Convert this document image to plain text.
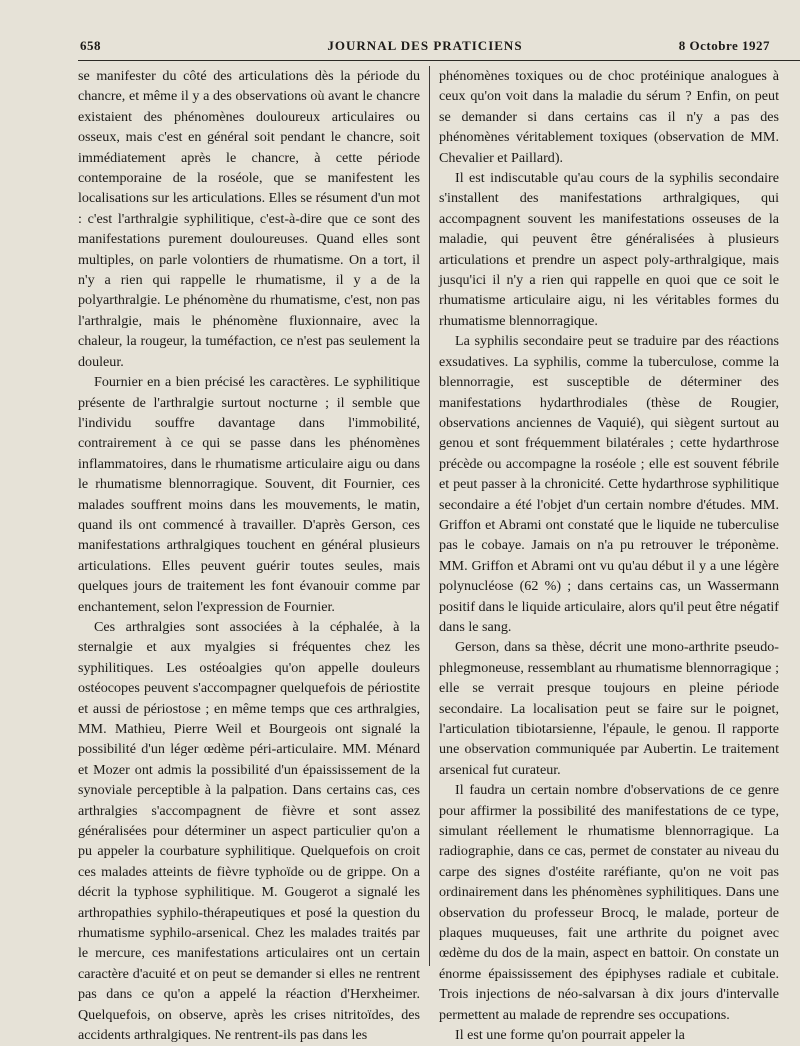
658	JOURNAL DES PRATICIENS	8 Octobre 1927

se manifester du côté des articulations dès la période du chancre, et même il y a des observations où avant le chancre existaient des phénomènes douloureux articulaires ou osseux, mais c'est en général soit pendant le chancre, soit immédiatement après le chancre, à cette période contemporaine de la roséole, que se manifestent les localisations sur les articulations. Elles se résument d'un mot : c'est l'arthralgie syphilitique, c'est-à-dire que ce sont des manifestations purement douloureuses. Quand elles sont multiples, on parle volontiers de rhumatisme. On a tort, il n'y a rien qui rappelle le rhumatisme, il y a de la polyarthralgie. Le phénomène du rhumatisme, c'est, non pas l'arthralgie, mais le phénomène fluxionnaire, avec la chaleur, la rougeur, la tuméfaction, ce n'est pas seulement la douleur.

Fournier en a bien précisé les caractères. Le syphilitique présente de l'arthralgie surtout nocturne ; il semble que l'individu souffre davantage dans l'immobilité, contrairement à ce qui se passe dans les phénomènes inflammatoires, dans le rhumatisme articulaire aigu ou dans le rhumatisme blennorragique. Souvent, dit Fournier, ces malades souffrent moins dans les mouvements, le matin, quand ils ont commencé à travailler. D'après Gerson, ces manifestations arthralgiques touchent en général plusieurs articulations. Elles peuvent guérir toutes seules, mais quelques jours de traitement les font évanouir comme par enchantement, selon l'expression de Fournier.

Ces arthralgies sont associées à la céphalée, à la sternalgie et aux myalgies si fréquentes chez les syphilitiques. Les ostéoalgies qu'on appelle douleurs ostéocopes peuvent s'accompagner quelquefois de périostite et aussi de périostose ; en même temps que ces arthralgies, MM. Mathieu, Pierre Weil et Bourgeois ont signalé la possibilité d'un léger œdème péri-articulaire. MM. Ménard et Mozer ont admis la possibilité d'un épaississement de la synoviale perceptible à la palpation. Dans certains cas, ces arthralgies s'accompagnent de fièvre et sont assez généralisées pour déterminer un aspect particulier qu'on a pu appeler la courbature syphilitique. Quelquefois on croit ces malades atteints de fièvre typhoïde ou de grippe. On a décrit la typhose syphilitique. M. Gougerot a signalé les arthropathies syphilo-thérapeutiques et posé la question du rhumatisme syphilo-arsenical. Chez les malades traités par le mercure, ces manifestations articulaires ont un certain caractère d'acuité et on peut se demander si elles ne rentrent pas dans ce qu'on a appelé la réaction d'Herxheimer. Quelquefois, on observe, après les crises nitritoïdes, des accidents arthralgiques. Ne rentrent-ils pas dans les

phénomènes toxiques ou de choc protéinique analogues à ceux qu'on voit dans la maladie du sérum ? Enfin, on peut se demander si dans certains cas il n'y a pas des phénomènes véritablement toxiques (observation de MM. Chevalier et Paillard).

Il est indiscutable qu'au cours de la syphilis secondaire s'installent des manifestations arthralgiques, qui accompagnent souvent les manifestations osseuses de la maladie, qui peuvent être généralisées à plusieurs articulations et prendre un aspect poly-arthralgique, mais jusqu'ici il n'y a rien qui rappelle en quoi que ce soit le rhumatisme articulaire aigu, ni les véritables formes du rhumatisme blennorragique.

La syphilis secondaire peut se traduire par des réactions exsudatives. La syphilis, comme la tuberculose, comme la blennorragie, est susceptible de déterminer des manifestations hydarthrodiales (thèse de Rougier, observations anciennes de Vaquié), qui siègent surtout au genou et sont fréquemment bilatérales ; cette hydarthrose précède ou accompagne la roséole ; elle est souvent fébrile et peut passer à la chronicité. Cette hydarthrose syphilitique secondaire a été l'objet d'un certain nombre d'études. MM. Griffon et Abrami ont constaté que le liquide ne tuberculise pas le cobaye. Jamais on n'a pu retrouver le tréponème. MM. Griffon et Abrami ont vu qu'au début il y a une légère polynucléose (62 %) ; dans certains cas, un Wassermann positif dans le liquide articulaire, alors qu'il peut être négatif dans le sang.

Gerson, dans sa thèse, décrit une mono-arthrite pseudo-phlegmoneuse, ressemblant au rhumatisme blennorragique ; elle se verrait presque toujours en pleine période secondaire. La localisation peut se faire sur le poignet, l'articulation tibiotarsienne, l'épaule, le genou. Il rapporte une observation communiquée par Aubertin. Le traitement arsenical fut curateur.

Il faudra un certain nombre d'observations de ce genre pour affirmer la possibilité des manifestations de ce type, simulant réellement le rhumatisme blennorragique. La radiographie, dans ce cas, permet de constater au niveau du carpe des signes d'ostéite raréfiante, qu'on ne voit pas ordinairement dans les phénomènes syphilitiques. Dans une observation du professeur Brocq, le malade, porteur de plaques muqueuses, fait une arthrite du poignet avec œdème du dos de la main, aspect en battoir. On constate un énorme épaississement des épiphyses radiale et cubitale. Trois injections de néo-salvarsan à dix jours d'intervalle permettent au malade de reprendre ses occupations.

Il est une forme qu'on pourrait appeler la
